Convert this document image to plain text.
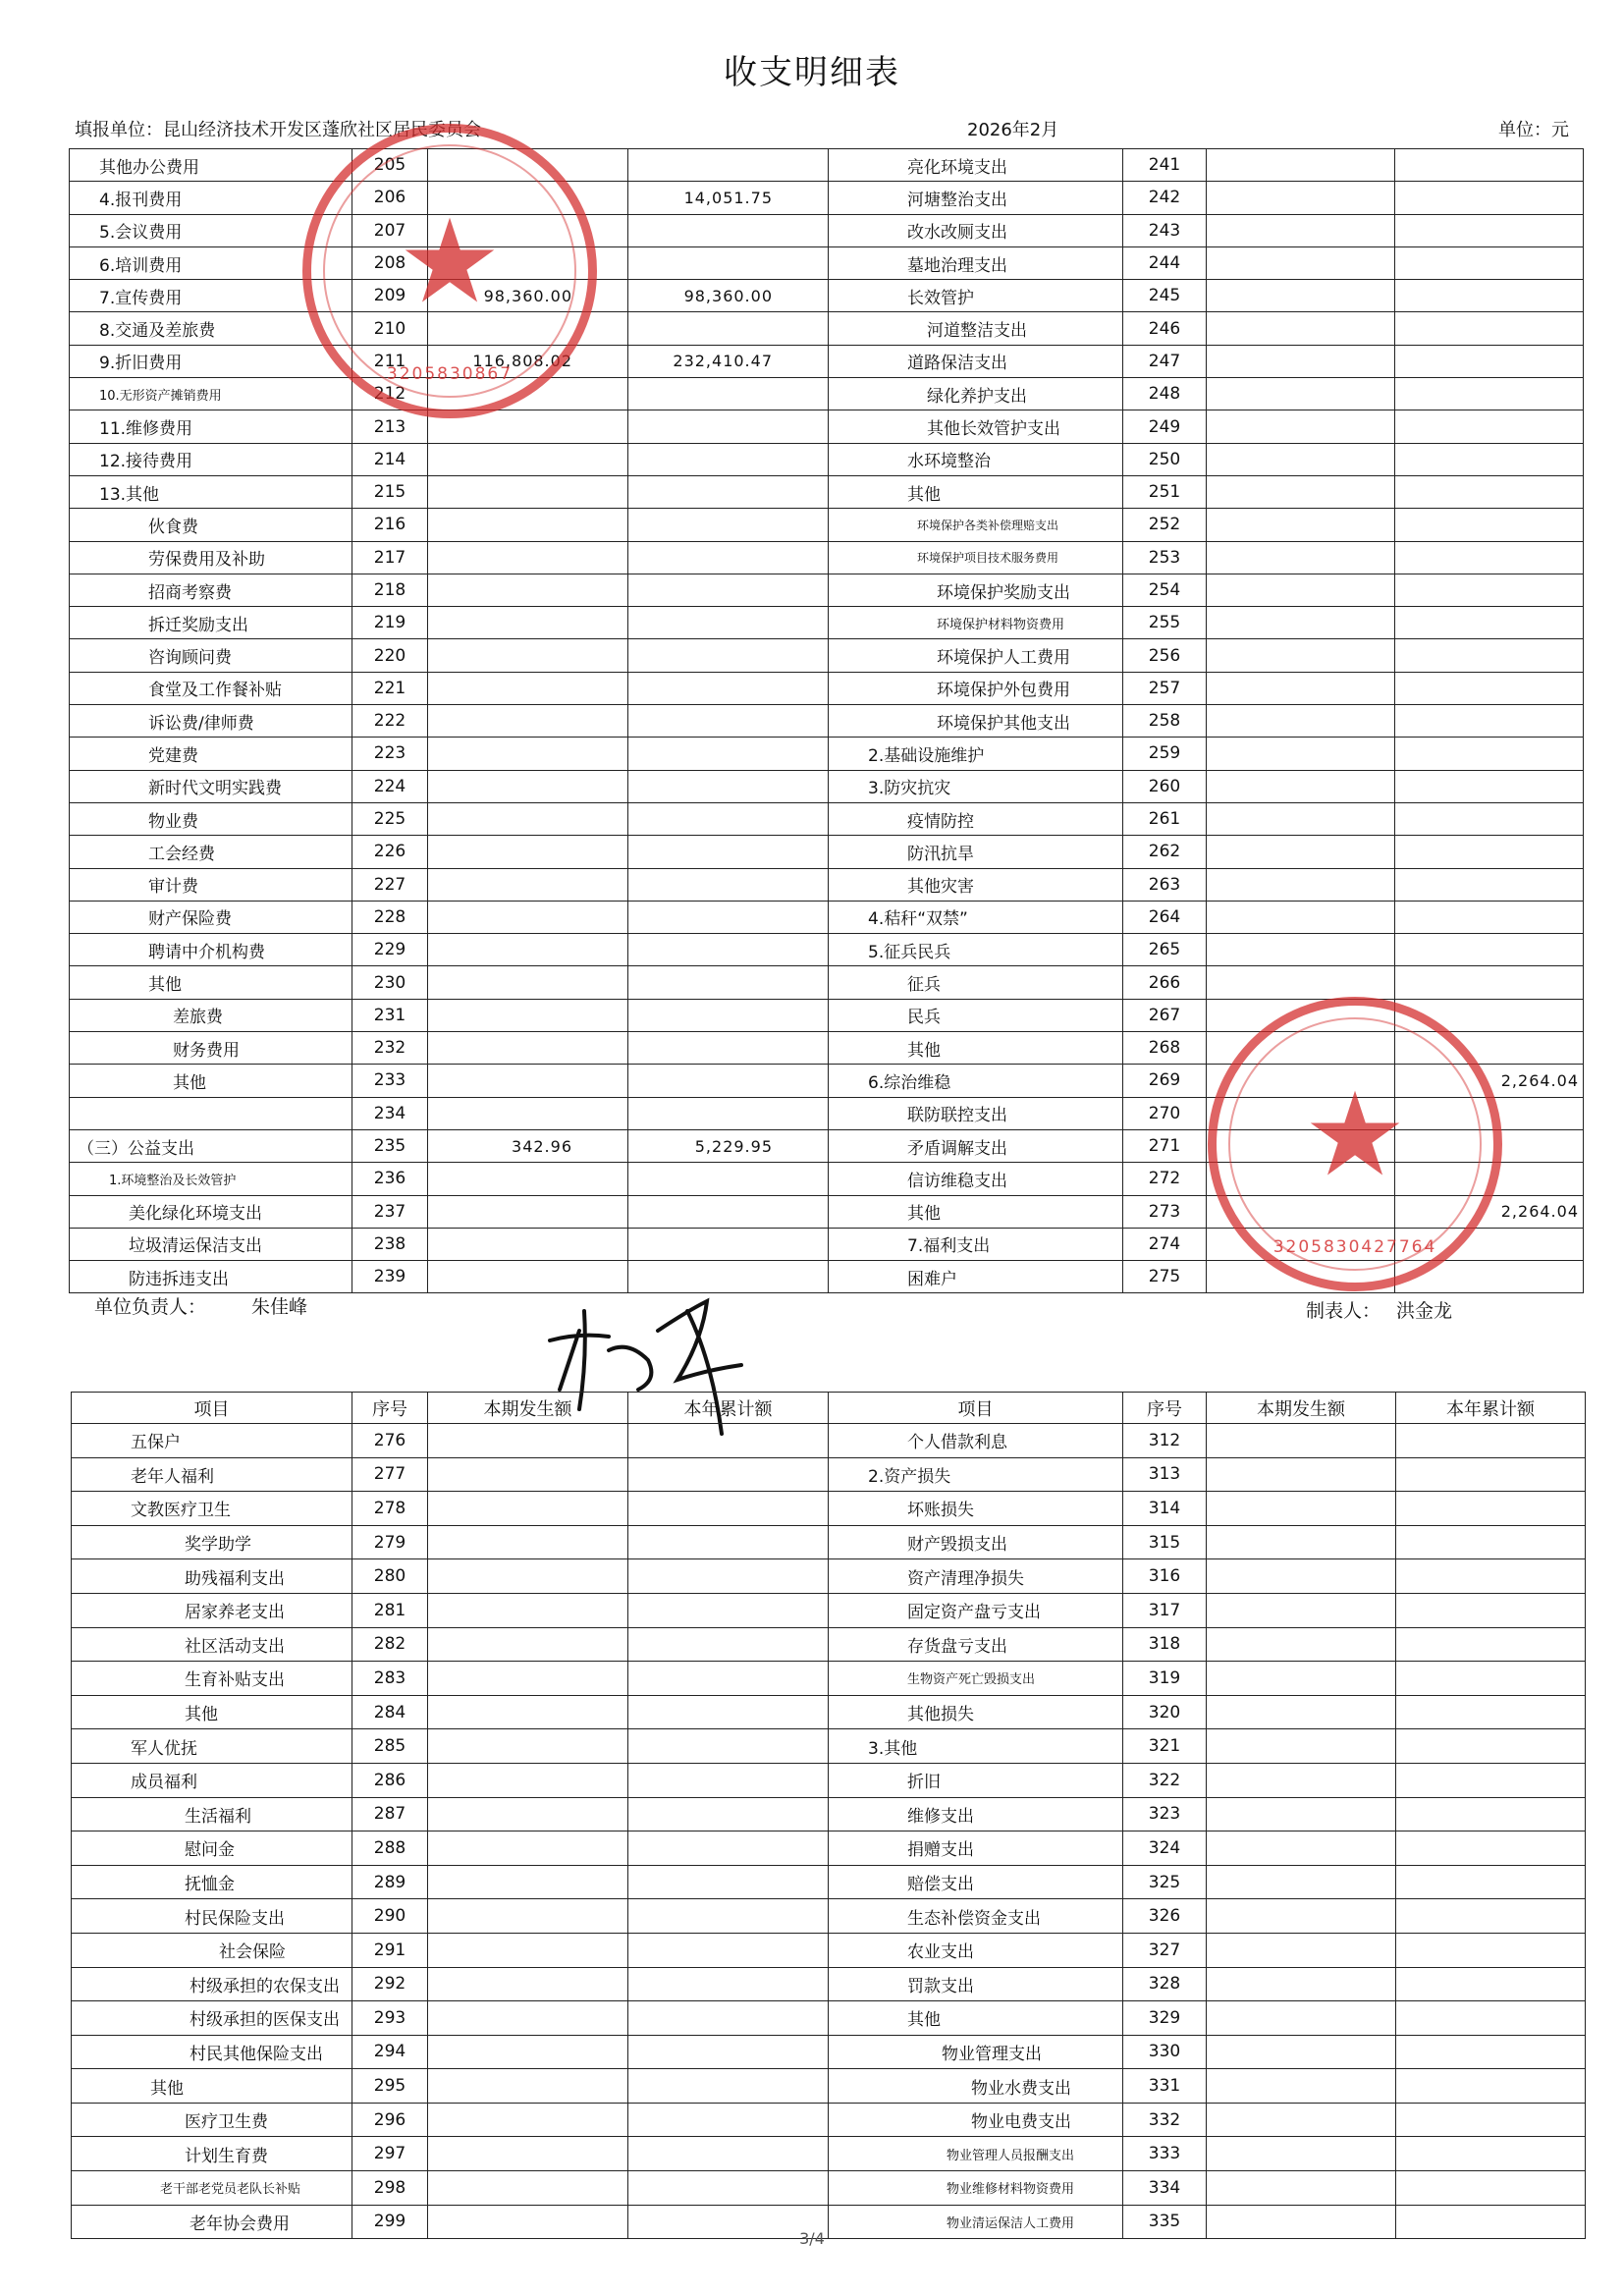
收支明细表
填报单位：昆山经济技术开发区蓬欣社区居民委员会	2026年2月	单位：元
其他办公费用	205			亮化环境支出	241		
4.报刊费用	206		14,051.75	河塘整治支出	242		
5.会议费用	207			改水改厕支出	243		
6.培训费用	208			墓地治理支出	244		
7.宣传费用	209	98,360.00	98,360.00	长效管护	245		
8.交通及差旅费	210			河道整洁支出	246		
9.折旧费用	211	116,808.02	232,410.47	道路保洁支出	247		
10.无形资产摊销费用	212			绿化养护支出	248		
11.维修费用	213			其他长效管护支出	249		
12.接待费用	214			水环境整治	250		
13.其他	215			其他	251		
伙食费	216			环境保护各类补偿理赔支出	252		
劳保费用及补助	217			环境保护项目技术服务费用	253		
招商考察费	218			环境保护奖励支出	254		
拆迁奖励支出	219			环境保护材料物资费用	255		
咨询顾问费	220			环境保护人工费用	256		
食堂及工作餐补贴	221			环境保护外包费用	257		
诉讼费/律师费	222			环境保护其他支出	258		
党建费	223			2.基础设施维护	259		
新时代文明实践费	224			3.防灾抗灾	260		
物业费	225			疫情防控	261		
工会经费	226			防汛抗旱	262		
审计费	227			其他灾害	263		
财产保险费	228			4.秸秆“双禁”	264		
聘请中介机构费	229			5.征兵民兵	265		
其他	230			征兵	266		
差旅费	231			民兵	267		
财务费用	232			其他	268		
其他	233			6.综治维稳	269		2,264.04
	234			联防联控支出	270		
（三）公益支出	235	342.96	5,229.95	矛盾调解支出	271		
1.环境整治及长效管护	236			信访维稳支出	272		
美化绿化环境支出	237			其他	273		2,264.04
垃圾清运保洁支出	238			7.福利支出	274		
防违拆违支出	239			困难户	275		
单位负责人： 朱佳峰	制表人： 洪金龙
项目	序号	本期发生额	本年累计额	项目	序号	本期发生额	本年累计额
五保户	276			个人借款利息	312		
老年人福利	277			2.资产损失	313		
文教医疗卫生	278			坏账损失	314		
奖学助学	279			财产毁损支出	315		
助残福利支出	280			资产清理净损失	316		
居家养老支出	281			固定资产盘亏支出	317		
社区活动支出	282			存货盘亏支出	318		
生育补贴支出	283			生物资产死亡毁损支出	319		
其他	284			其他损失	320		
军人优抚	285			3.其他	321		
成员福利	286			折旧	322		
生活福利	287			维修支出	323		
慰问金	288			捐赠支出	324		
抚恤金	289			赔偿支出	325		
村民保险支出	290			生态补偿资金支出	326		
社会保险	291			农业支出	327		
村级承担的农保支出	292			罚款支出	328		
村级承担的医保支出	293			其他	329		
村民其他保险支出	294			物业管理支出	330		
其他	295			物业水费支出	331		
医疗卫生费	296			物业电费支出	332		
计划生育费	297			物业管理人员报酬支出	333		
老干部老党员老队长补贴	298			物业维修材料物资费用	334		
老年协会费用	299			物业清运保洁人工费用	335		
★
3205830867
★
3205830427764
3/4
